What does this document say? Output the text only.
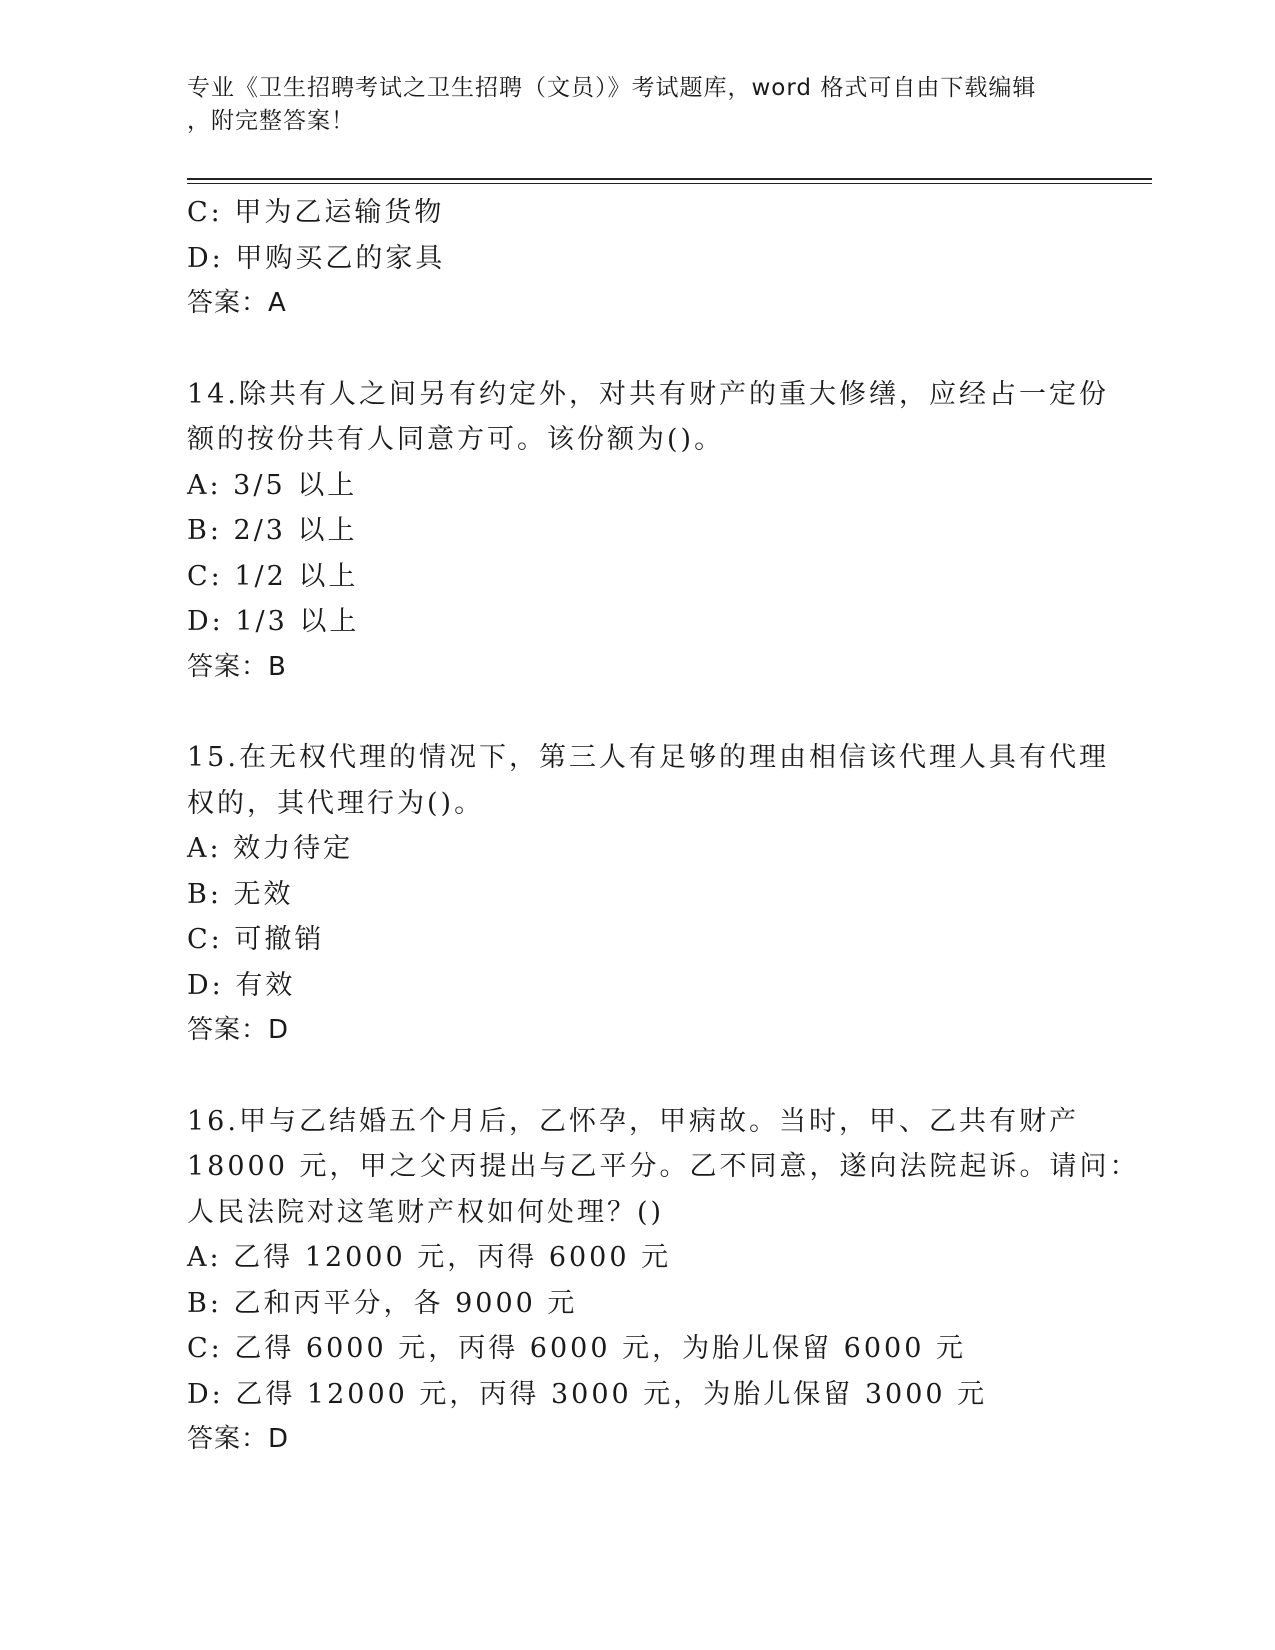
专业《卫生招聘考试之卫生招聘（文员）》考试题库，word 格式可自由下载编辑
，附完整答案！
C: 甲为乙运输货物
D: 甲购买乙的家具
答案：A
14.除共有人之间另有约定外，对共有财产的重大修缮，应经占一定份
额的按份共有人同意方可。该份额为()。
A: 3/5 以上
B: 2/3 以上
C: 1/2 以上
D: 1/3 以上
答案：B
15.在无权代理的情况下，第三人有足够的理由相信该代理人具有代理
权的，其代理行为()。
A: 效力待定
B: 无效
C: 可撤销
D: 有效
答案：D
16.甲与乙结婚五个月后，乙怀孕，甲病故。当时，甲、乙共有财产
18000 元，甲之父丙提出与乙平分。乙不同意，遂向法院起诉。请问：
人民法院对这笔财产权如何处理？()
A: 乙得 12000 元，丙得 6000 元
B: 乙和丙平分，各 9000 元
C: 乙得 6000 元，丙得 6000 元，为胎儿保留 6000 元
D: 乙得 12000 元，丙得 3000 元，为胎儿保留 3000 元
答案：D
